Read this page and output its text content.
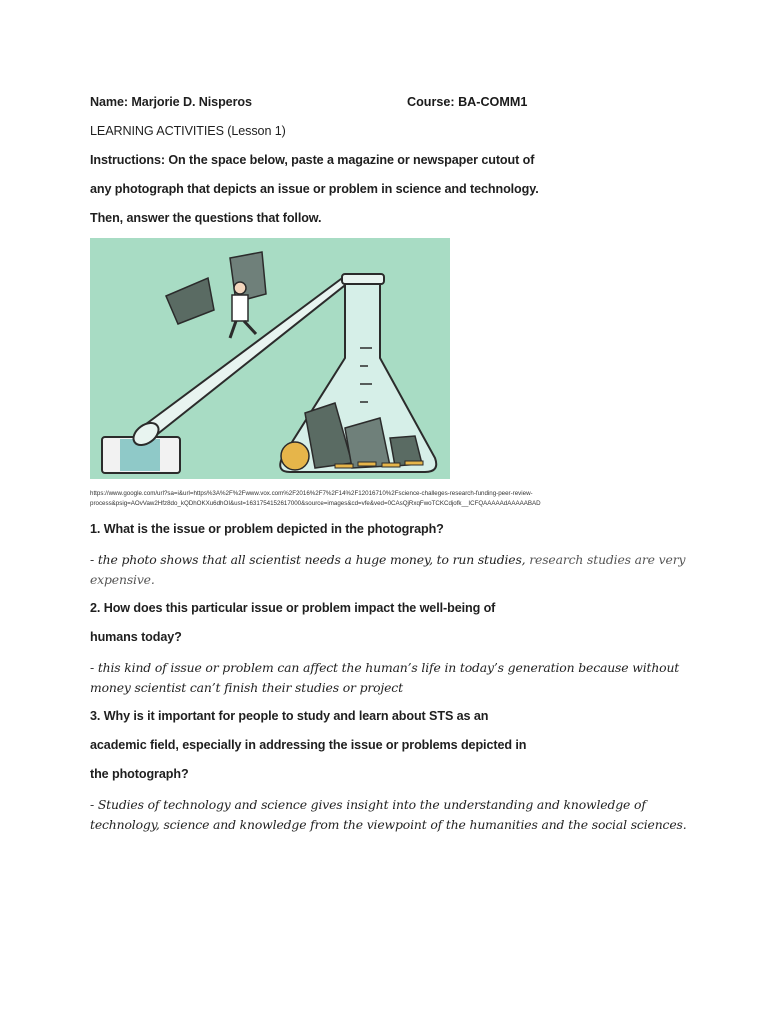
Name: Marjorie D. Nisperos	Course: BA-COMM1
LEARNING ACTIVITIES (Lesson 1)
Instructions: On the space below, paste a magazine or newspaper cutout of
any photograph that depicts an issue or problem in science and technology.
Then, answer the questions that follow.
https://www.google.com/url?sa=i&url=https%3A%2F%2Fwww.vox.com%2F2016%2F7%2F14%2F12016710%2Fscience-challeges-research-funding-peer-review-
process&psig=AOvVaw2Hfz8do_kQDhOKXu6dhOI&ust=1631754152617000&source=images&cd=vfe&ved=0CAsQjRxqFwoTCKCdjofk__ICFQAAAAAdAAAAABAD
1. What is the issue or problem depicted in the photograph?
- the photo shows that all scientist needs a huge money, to run studies, research studies are very expensive.
2. How does this particular issue or problem impact the well-being of
humans today?
- this kind of issue or problem can affect the human’s life in today’s generation because without money scientist can’t finish their studies or project
3. Why is it important for people to study and learn about STS as an
academic field, especially in addressing the issue or problems depicted in
the photograph?
- Studies of technology and science gives insight into the understanding and knowledge of technology, science and knowledge from the viewpoint of the humanities and the social sciences.
